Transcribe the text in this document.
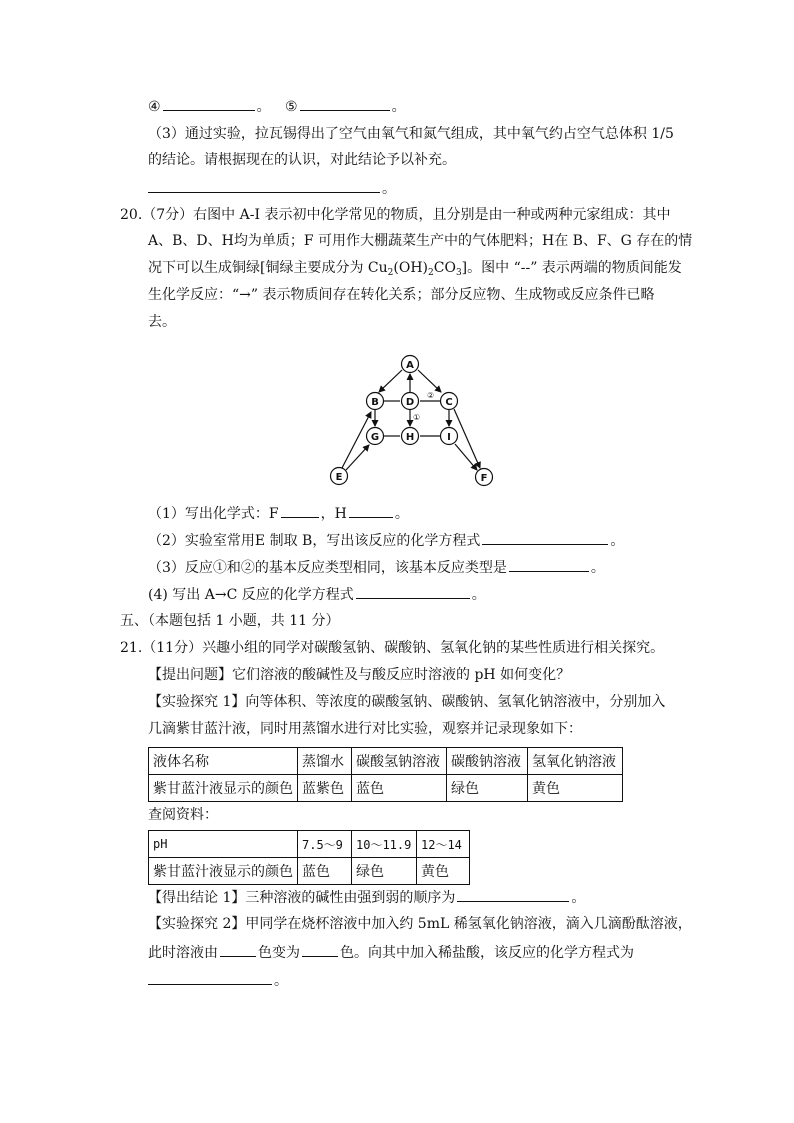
④	。 ⑤	。
（3）通过实验，拉瓦锡得出了空气由氧气和氮气组成，其中氧气约占空气总体积 1/5
的结论。请根据现在的认识，对此结论予以补充。
。
20.（7分）右图中 A-I 表示初中化学常见的物质，且分别是由一种或两种元家组成：其中
A、B、D、H均为单质；F 可用作大棚蔬菜生产中的气体肥料；H在 B、F、G 存在的情
况下可以生成铜绿[铜绿主要成分为 $Cu_2(OH)_2CO_3$]。图中 “--” 表示两端的物质间能发
生化学反应：“→” 表示物质间存在转化关系；部分反应物、生成物或反应条件已略
去。
②
①
A
B	C
D
E	F
G	H	I
（1）写出化学式：F	，H	。
（2）实验室常用E 制取 B，写出该反应的化学方程式	。
（3）反应①和②的基本反应类型相同，该基本反应类型是	。
(4) 写出 A→C 反应的化学方程式	。
五、（本题包括 1 小题，共 11 分）
21.（11分）兴趣小组的同学对碳酸氢钠、碳酸钠、氢氧化钠的某些性质进行相关探究。
【提出问题】它们溶液的酸碱性及与酸反应时溶液的 pH 如何变化？
【实验探究 1】向等体积、等浓度的碳酸氢钠、碳酸钠、氢氧化钠溶液中，分别加入
几滴紫甘蓝汁液，同时用蒸馏水进行对比实验，观察并记录现象如下：
液体名称	蒸馏水	碳酸氢钠溶液	碳酸钠溶液	氢氧化钠溶液
紫甘蓝汁液显示的颜色	蓝紫色	蓝色	绿色	黄色
查阅资料：
pH	7.5～9	10～11.9	12～14
紫甘蓝汁液显示的颜色	蓝色	绿色	黄色
【得出结论 1】三种溶液的碱性由强到弱的顺序为	。
【实验探究 2】甲同学在烧杯溶液中加入约 5mL 稀氢氧化钠溶液，滴入几滴酚酞溶液，
此时溶液由	色变为	色。向其中加入稀盐酸，该反应的化学方程式为
。
